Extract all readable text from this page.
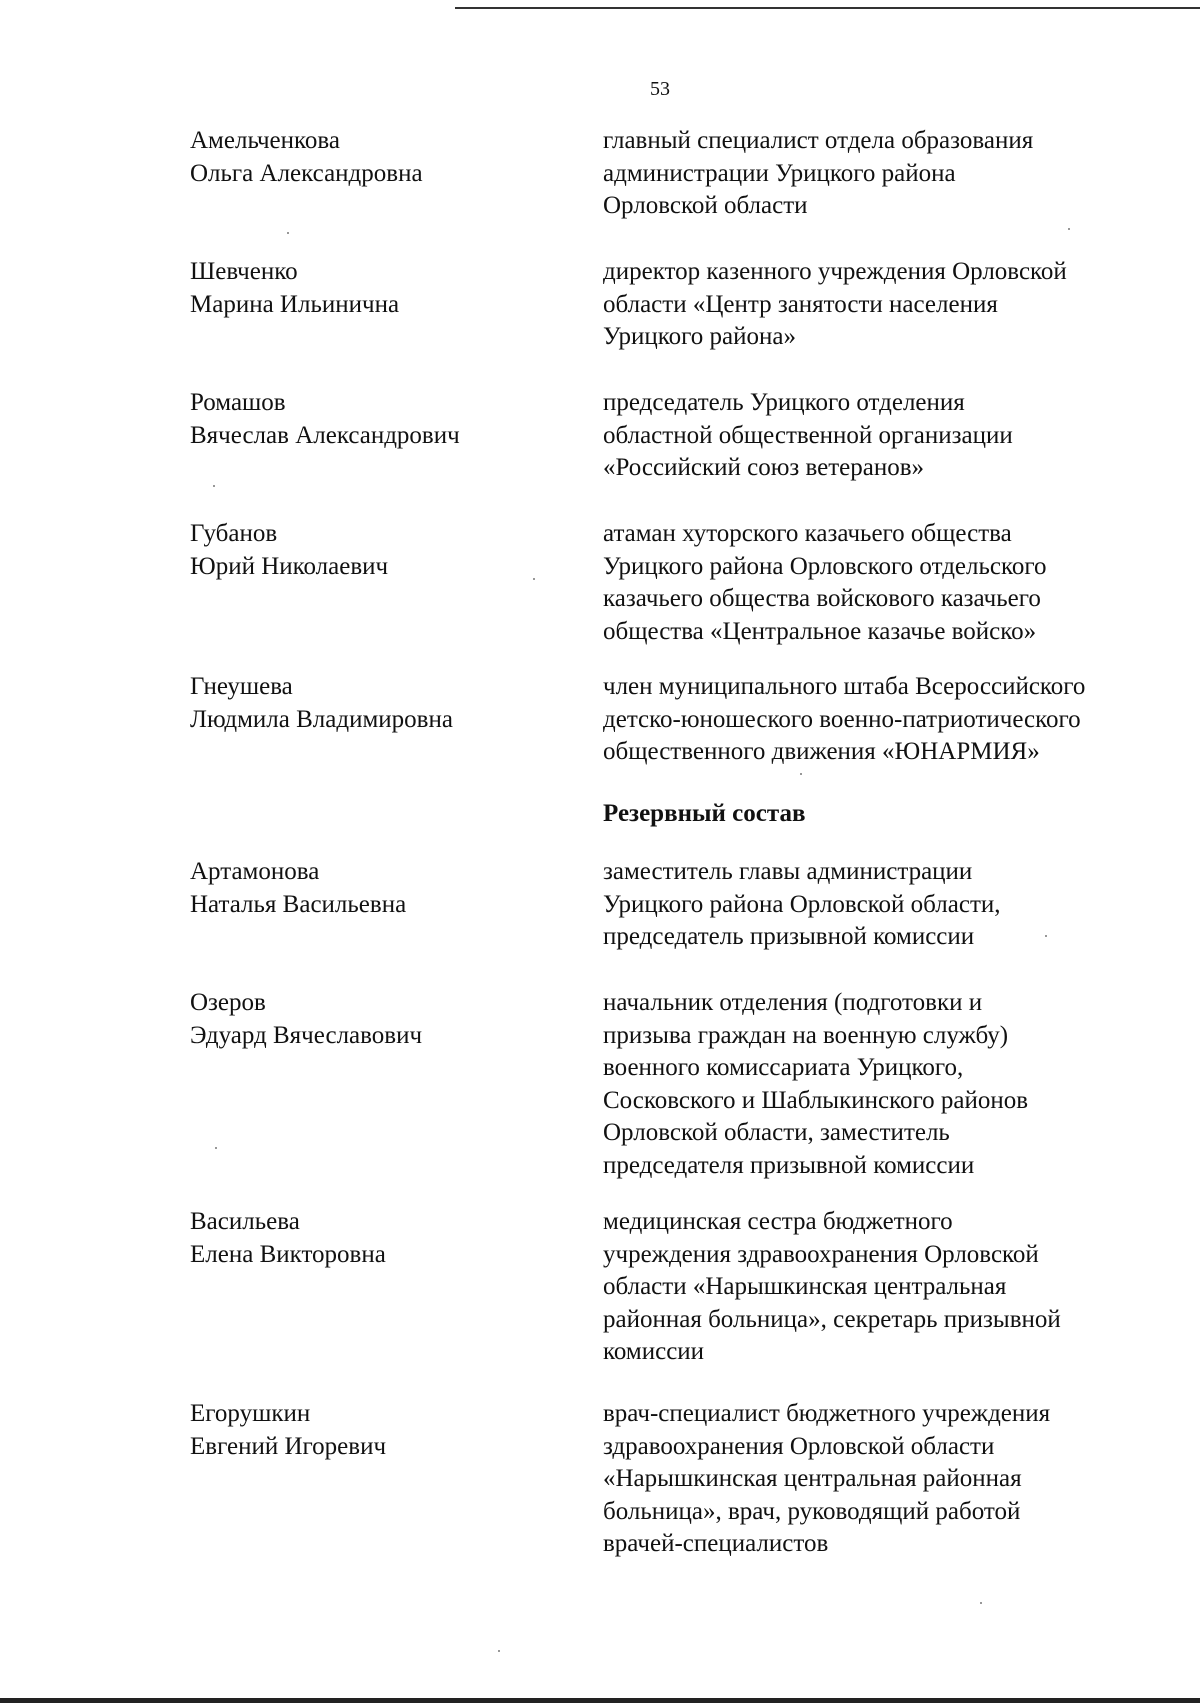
53
Амельченкова
Ольга Александровна
главный специалист отдела образования
администрации Урицкого района
Орловской области
Шевченко
Марина Ильинична
директор казенного учреждения Орловской
области «Центр занятости населения
Урицкого района»
Ромашов
Вячеслав Александрович
председатель Урицкого отделения
областной общественной организации
«Российский союз ветеранов»
Губанов
Юрий Николаевич
атаман хуторского казачьего общества
Урицкого района Орловского отдельского
казачьего общества войскового казачьего
общества «Центральное казачье войско»
Гнеушева
Людмила Владимировна
член муниципального штаба Всероссийского
детско-юношеского военно-патриотического
общественного движения «ЮНАРМИЯ»
Резервный состав
Артамонова
Наталья Васильевна
заместитель главы администрации
Урицкого района Орловской области,
председатель призывной комиссии
Озеров
Эдуард Вячеславович
начальник отделения (подготовки и
призыва граждан на военную службу)
военного комиссариата Урицкого,
Сосковского и Шаблыкинского районов
Орловской области, заместитель
председателя призывной комиссии
Васильева
Елена Викторовна
медицинская сестра бюджетного
учреждения здравоохранения Орловской
области «Нарышкинская центральная
районная больница», секретарь призывной
комиссии
Егорушкин
Евгений Игоревич
врач-специалист бюджетного учреждения
здравоохранения Орловской области
«Нарышкинская центральная районная
больница», врач, руководящий работой
врачей-специалистов
